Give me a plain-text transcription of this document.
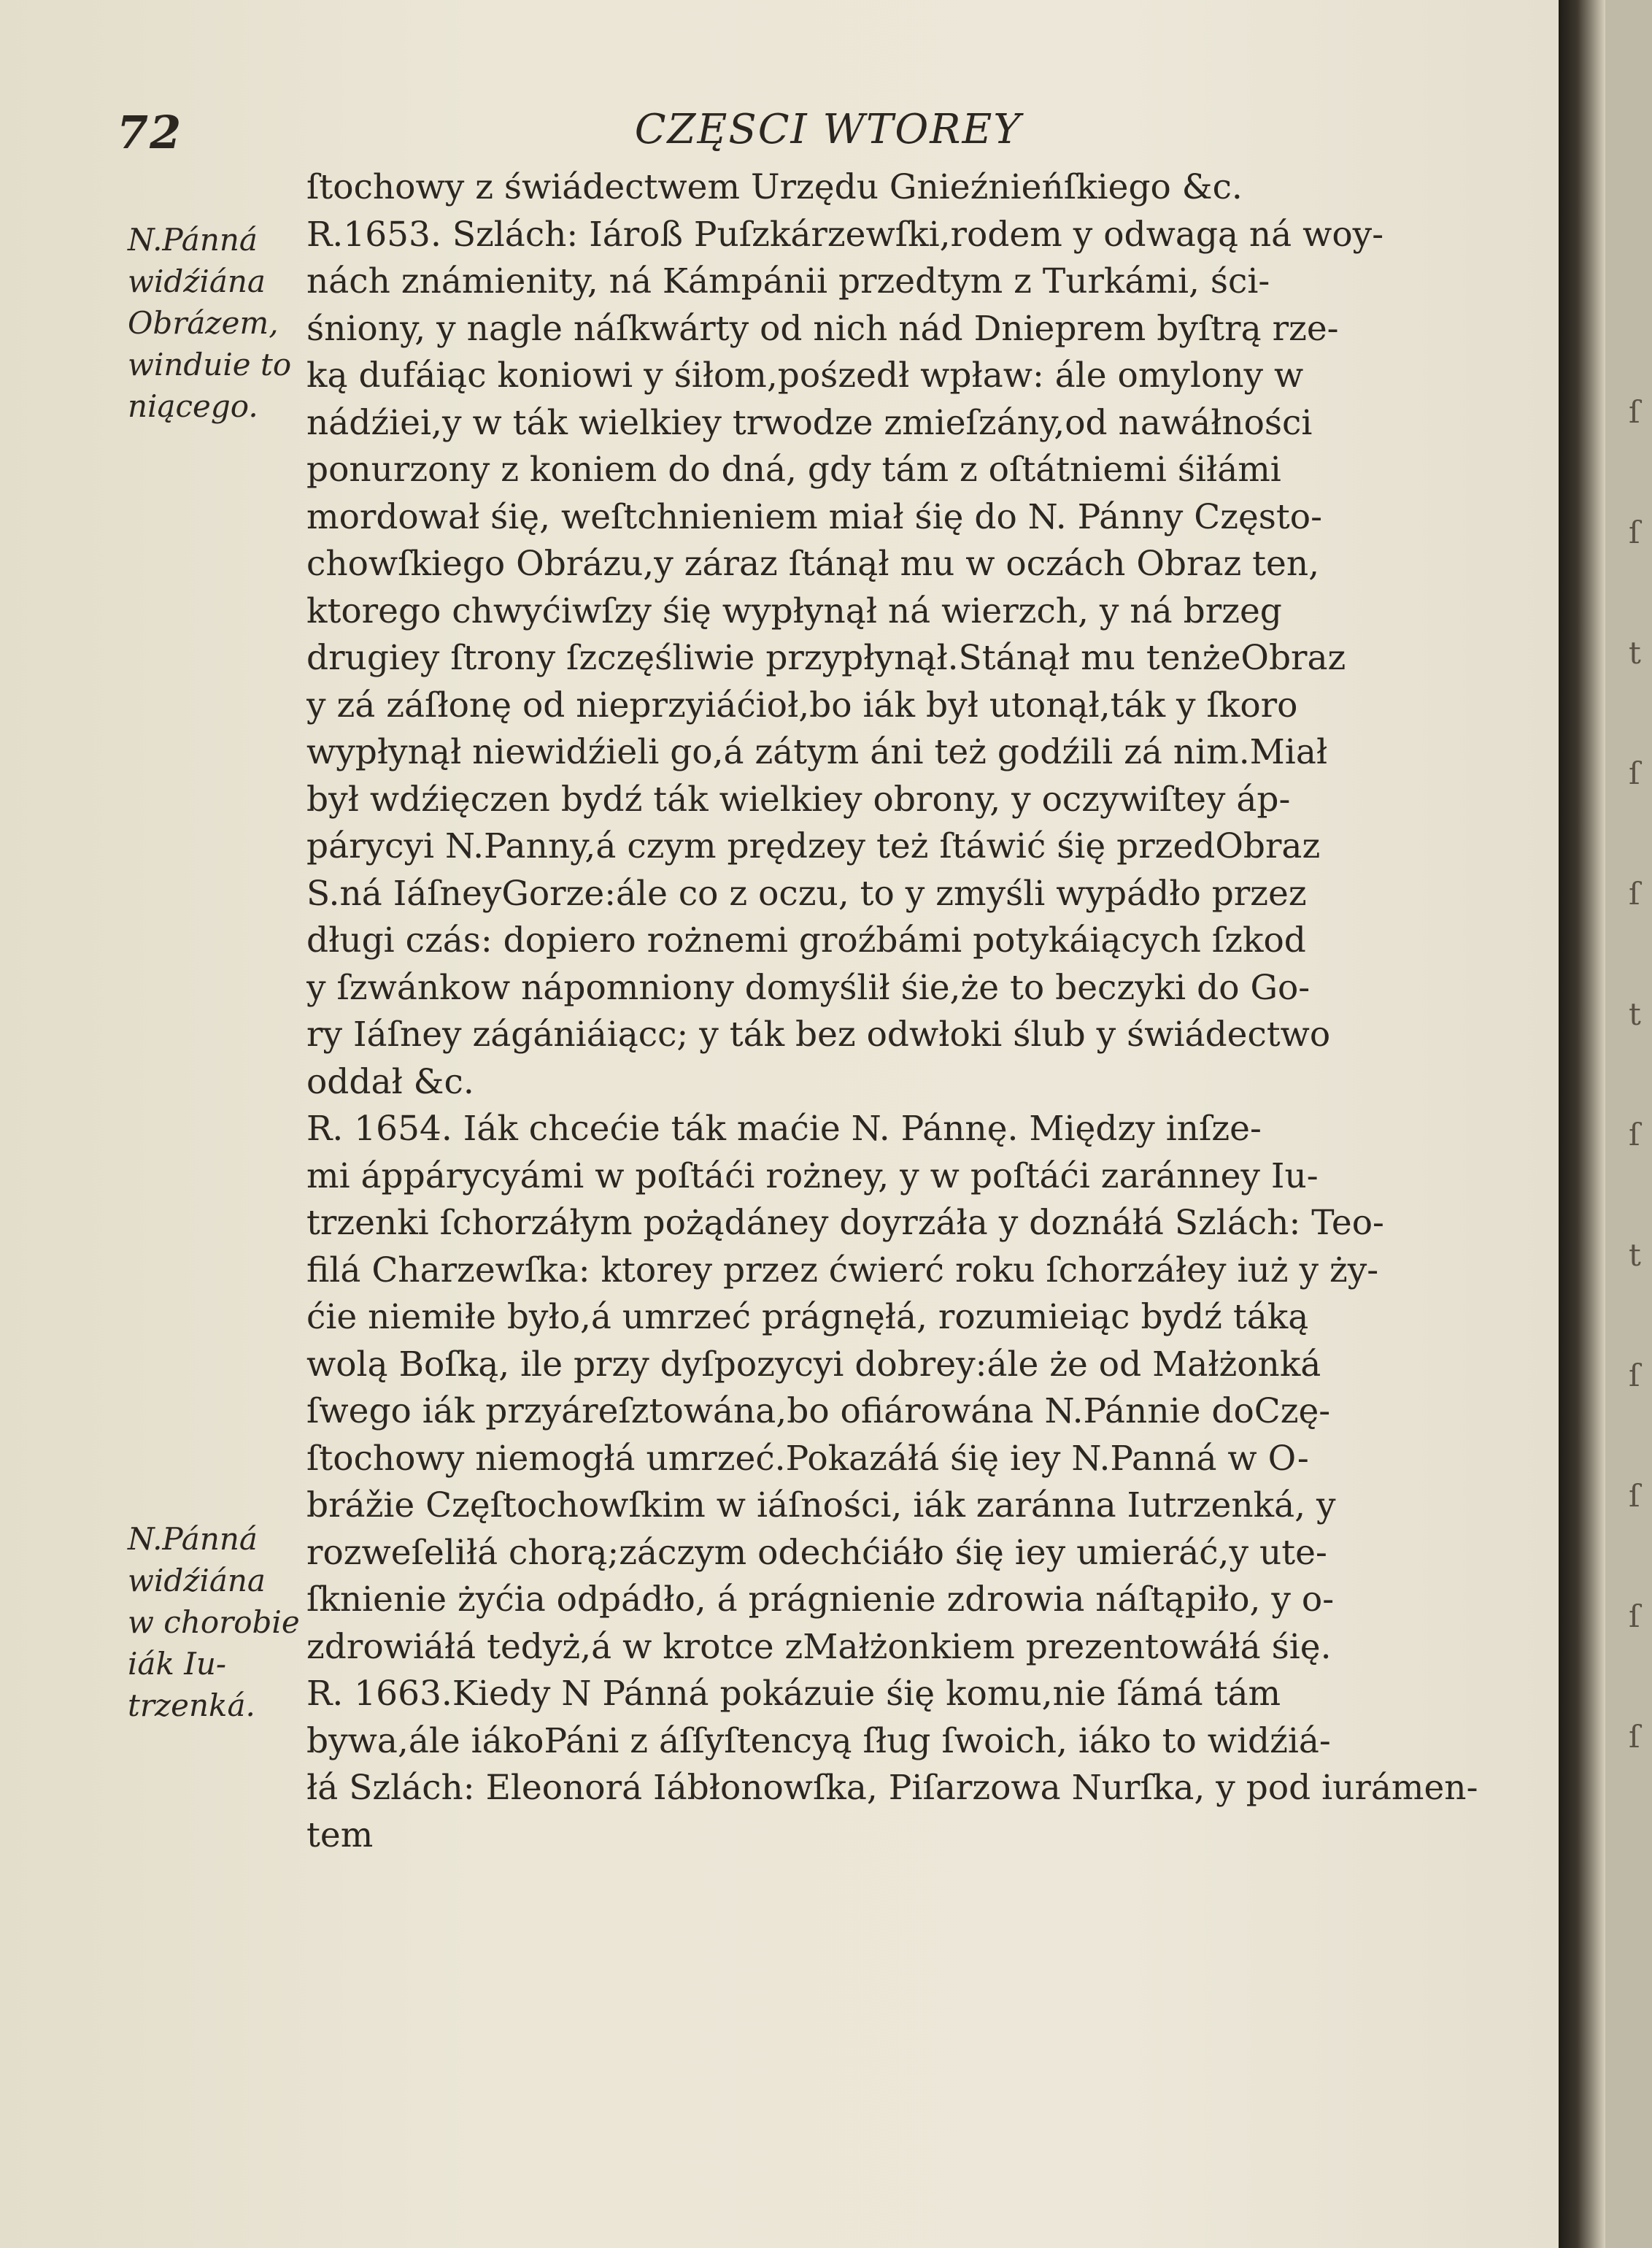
72	CZĘSCI WTOREY
N.Pánná
widźiána
Obrázem,
winduie to
niącego.
N.Pánná
widźiána
w chorobie
iák Iu-
trzenká.
ſtochowy z świádectwem Urzędu Gnieźnieńſkiego &c.
R.1653. Szlách: Iároß Puſzkárzewſki,rodem y odwagą ná woy-
nách známienity, ná Kámpánii przedtym z Turkámi, ści-
śniony, y nagle náſkwárty od nich nád Dnieprem byſtrą rze-
ką dufáiąc koniowi y śiłom,pośzedł wpław: ále omylony w
nádźiei,y w ták wielkiey trwodze zmieſzány,od nawáłności
ponurzony z koniem do dná, gdy tám z oſtátniemi śiłámi
mordował śię, weſtchnieniem miał śię do N. Pánny Często-
chowſkiego Obrázu,y záraz ſtánął mu w oczách Obraz ten,
ktorego chwyćiwſzy śię wypłynął ná wierzch, y ná brzeg
drugiey ſtrony ſzczęśliwie przypłynął.Stánął mu tenżeObraz
y zá záſłonę od nieprzyiáćioł,bo iák był utonął,ták y ſkoro
wypłynął niewidźieli go,á zátym áni też godźili zá nim.Miał
był wdźięczen bydź ták wielkiey obrony, y oczywiſtey áp-
párycyi N.Panny,á czym prędzey też ſtáwić śię przedObraz
S.ná IáſneyGorze:ále co z oczu, to y zmyśli wypádło przez
długi czás: dopiero rożnemi groźbámi potykáiących ſzkod
y ſzwánkow nápomniony domyślił śie,że to beczyki do Go-
ry Iáſney zágániáiącc; y ták bez odwłoki ślub y świádectwo
oddał &c.
R. 1654. Iák chcećie ták maćie N. Pánnę. Między inſze-
mi áppárycyámi w poſtáći rożney, y w poſtáći zaránney Iu-
trzenki ſchorzáłym pożądáney doyrzáła y doznáłá Szlách: Teo-
filá Charzewſka: ktorey przez ćwierć roku ſchorzáłey iuż y ży-
ćie niemiłe było,á umrzeć prágnęłá, rozumieiąc bydź táką
wolą Boſką, ile przy dyſpozycyi dobrey:ále że od Małżonká
ſwego iák przyáreſztowána,bo ofiárowána N.Pánnie doCzę-
ſtochowy niemogłá umrzeć.Pokazáłá śię iey N.Panná w O-
brážie Częſtochowſkim w iáſności, iák zaránna Iutrzenká, y
rozweſeliłá chorą;záczym odechćiáło śię iey umieráć,y ute-
ſknienie żyćia odpádło, á prágnienie zdrowia náſtąpiło, y o-
zdrowiáłá tedyż,á w krotce zMałżonkiem prezentowáłá śię.
R. 1663.Kiedy N Pánná pokázuie śię komu,nie ſámá tám
bywa,ále iákoPáni z áſſyſtencyą ſług ſwoich, iáko to widźiá-
łá Szlách: Eleonorá Iábłonowſka, Piſarzowa Nurſka, y pod iurámen-
tem
ſ
ſ
t
ſ
ſ
t
ſ
t
ſ
ſ
ſ
ſ
